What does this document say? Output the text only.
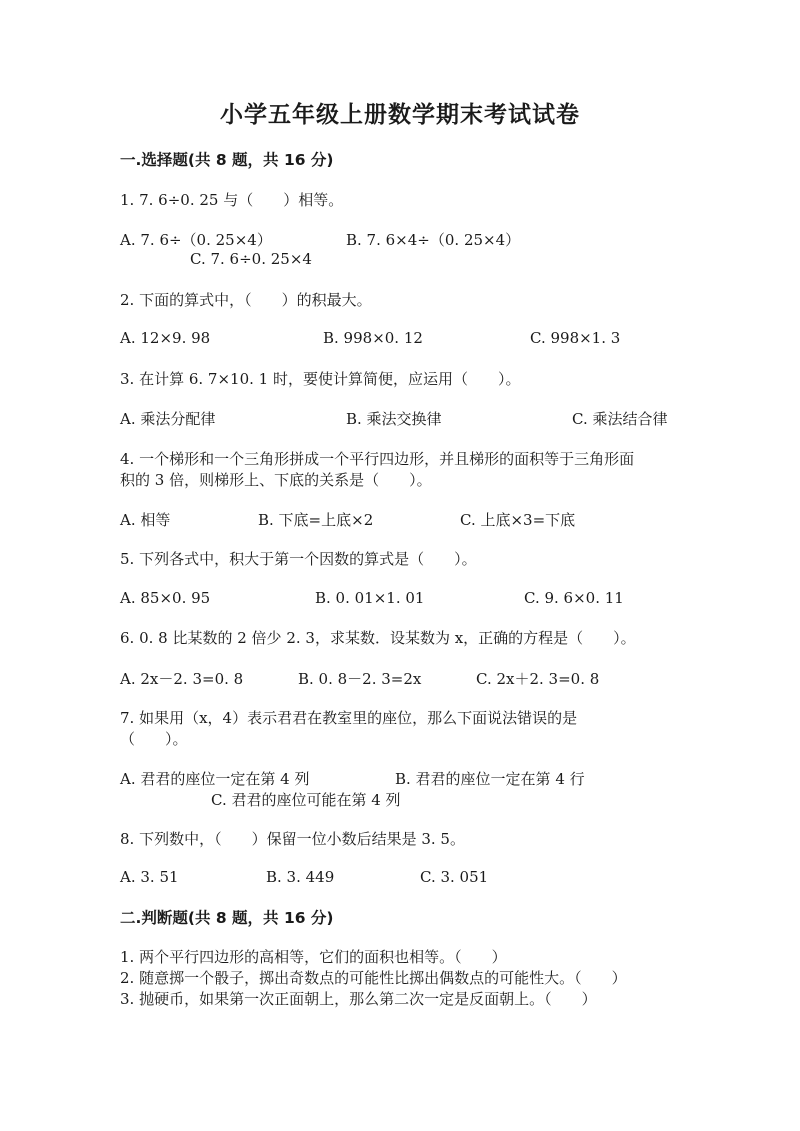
小学五年级上册数学期末考试试卷
一.选择题(共 8 题，共 16 分)
1. 7. 6÷0. 25 与（　　）相等。
A. 7. 6÷（0. 25×4）	B. 7. 6×4÷（0. 25×4）
C. 7. 6÷0. 25×4
2. 下面的算式中，（　　）的积最大。
A. 12×9. 98	B. 998×0. 12	C. 998×1. 3
3. 在计算 6. 7×10. 1 时，要使计算简便，应运用（　　）。
A. 乘法分配律	B. 乘法交换律	C. 乘法结合律
4. 一个梯形和一个三角形拼成一个平行四边形，并且梯形的面积等于三角形面
积的 3 倍，则梯形上、下底的关系是（　　）。
A. 相等	B. 下底=上底×2	C. 上底×3=下底
5. 下列各式中，积大于第一个因数的算式是（　　）。
A. 85×0. 95	B. 0. 01×1. 01	C. 9. 6×0. 11
6. 0. 8 比某数的 2 倍少 2. 3，求某数．设某数为 x，正确的方程是（　　）。
A. 2x－2. 3=0. 8	B. 0. 8－2. 3=2x	C. 2x＋2. 3=0. 8
7. 如果用（x，4）表示君君在教室里的座位，那么下面说法错误的是
（　　）。
A. 君君的座位一定在第 4 列	B. 君君的座位一定在第 4 行
C. 君君的座位可能在第 4 列
8. 下列数中，（　　）保留一位小数后结果是 3. 5。
A. 3. 51	B. 3. 449	C. 3. 051
二.判断题(共 8 题，共 16 分)
1. 两个平行四边形的高相等，它们的面积也相等。（　　）
2. 随意掷一个骰子，掷出奇数点的可能性比掷出偶数点的可能性大。（　　）
3. 抛硬币，如果第一次正面朝上，那么第二次一定是反面朝上。（　　）
